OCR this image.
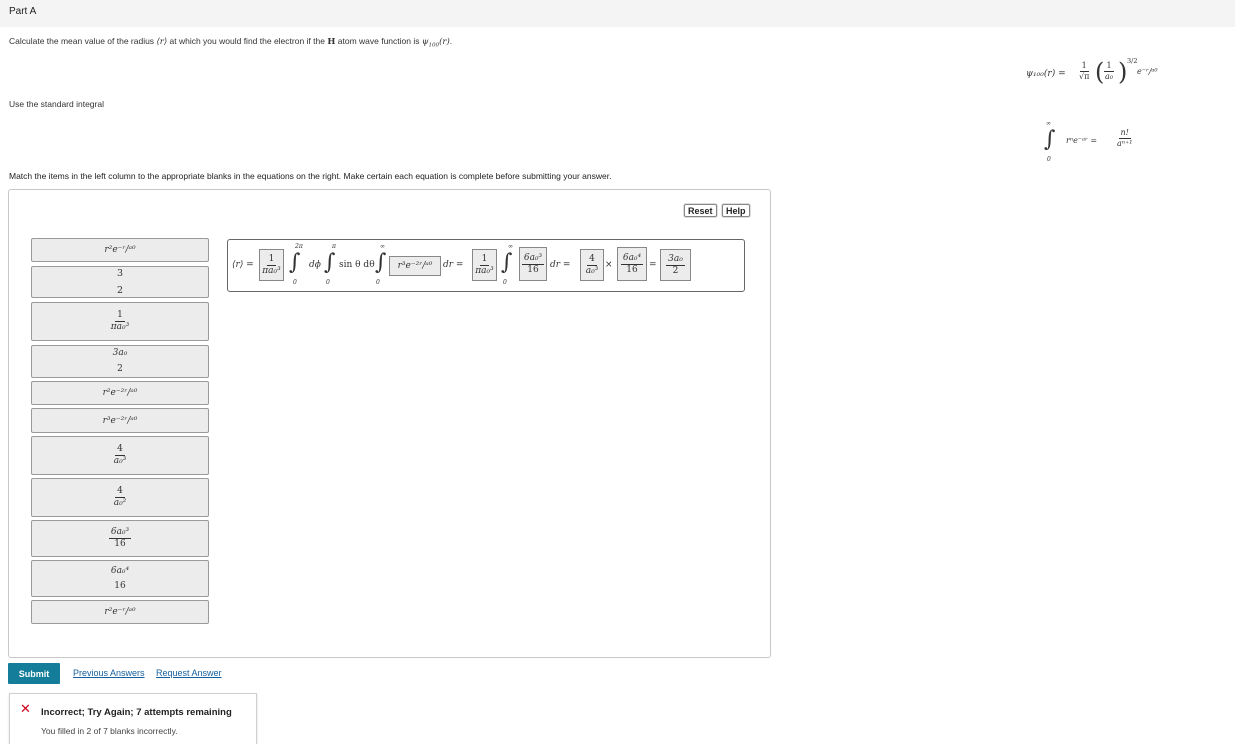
Part A
Calculate the mean value of the radius ⟨r⟩ at which you would find the electron if the H atom wave function is $\psi_{100}(r)$.
Use the standard integral
Match the items in the left column to the appropriate blanks in the equations on the right. Make certain each equation is complete before submitting your answer.
$\psi_{100}(r) = \frac{1}{√\pi}$ (
$\frac{1}{\text{a₀}}$ ) 3/2
e⁻ʳ/ᵃ⁰
∞
∫
0
rⁿe⁻ᵃʳ = $\frac{n!}{\text{aⁿ⁺¹}}$
Reset	Help
r²e⁻ʳ/ᵃ⁰
3
2
$\frac{1}{\text{πa₀³}}$
3a₀
2
r²e⁻²ʳ/ᵃ⁰
r³e⁻²ʳ/ᵃ⁰
$\frac{4}{\text{a₀³}}$
$\frac{4}{\text{a₀²}}$
$\frac{\text{6a₀³}}{16}$
6a₀⁴
16
r²e⁻ʳ/ᵃ⁰
⟨r⟩ = $\frac{1}{\text{πa₀³}}$
2π
∫
0
dϕ
π
∫
0
sin θ dθ
∞
∫
0
r³e⁻²ʳ/ᵃ⁰ dr = $\frac{1}{\text{πa₀³}}$
∞
∫
0
$\frac{\text{6a₀³}}{16}$ dr = $\frac{4}{\text{a₀³}} \times \frac{\text{6a₀⁴}}{16} = \frac{\text{3a₀}}{2}$
Submit	Previous Answers Request Answer
✕ Incorrect; Try Again; 7 attempts remaining
You filled in 2 of 7 blanks incorrectly.
